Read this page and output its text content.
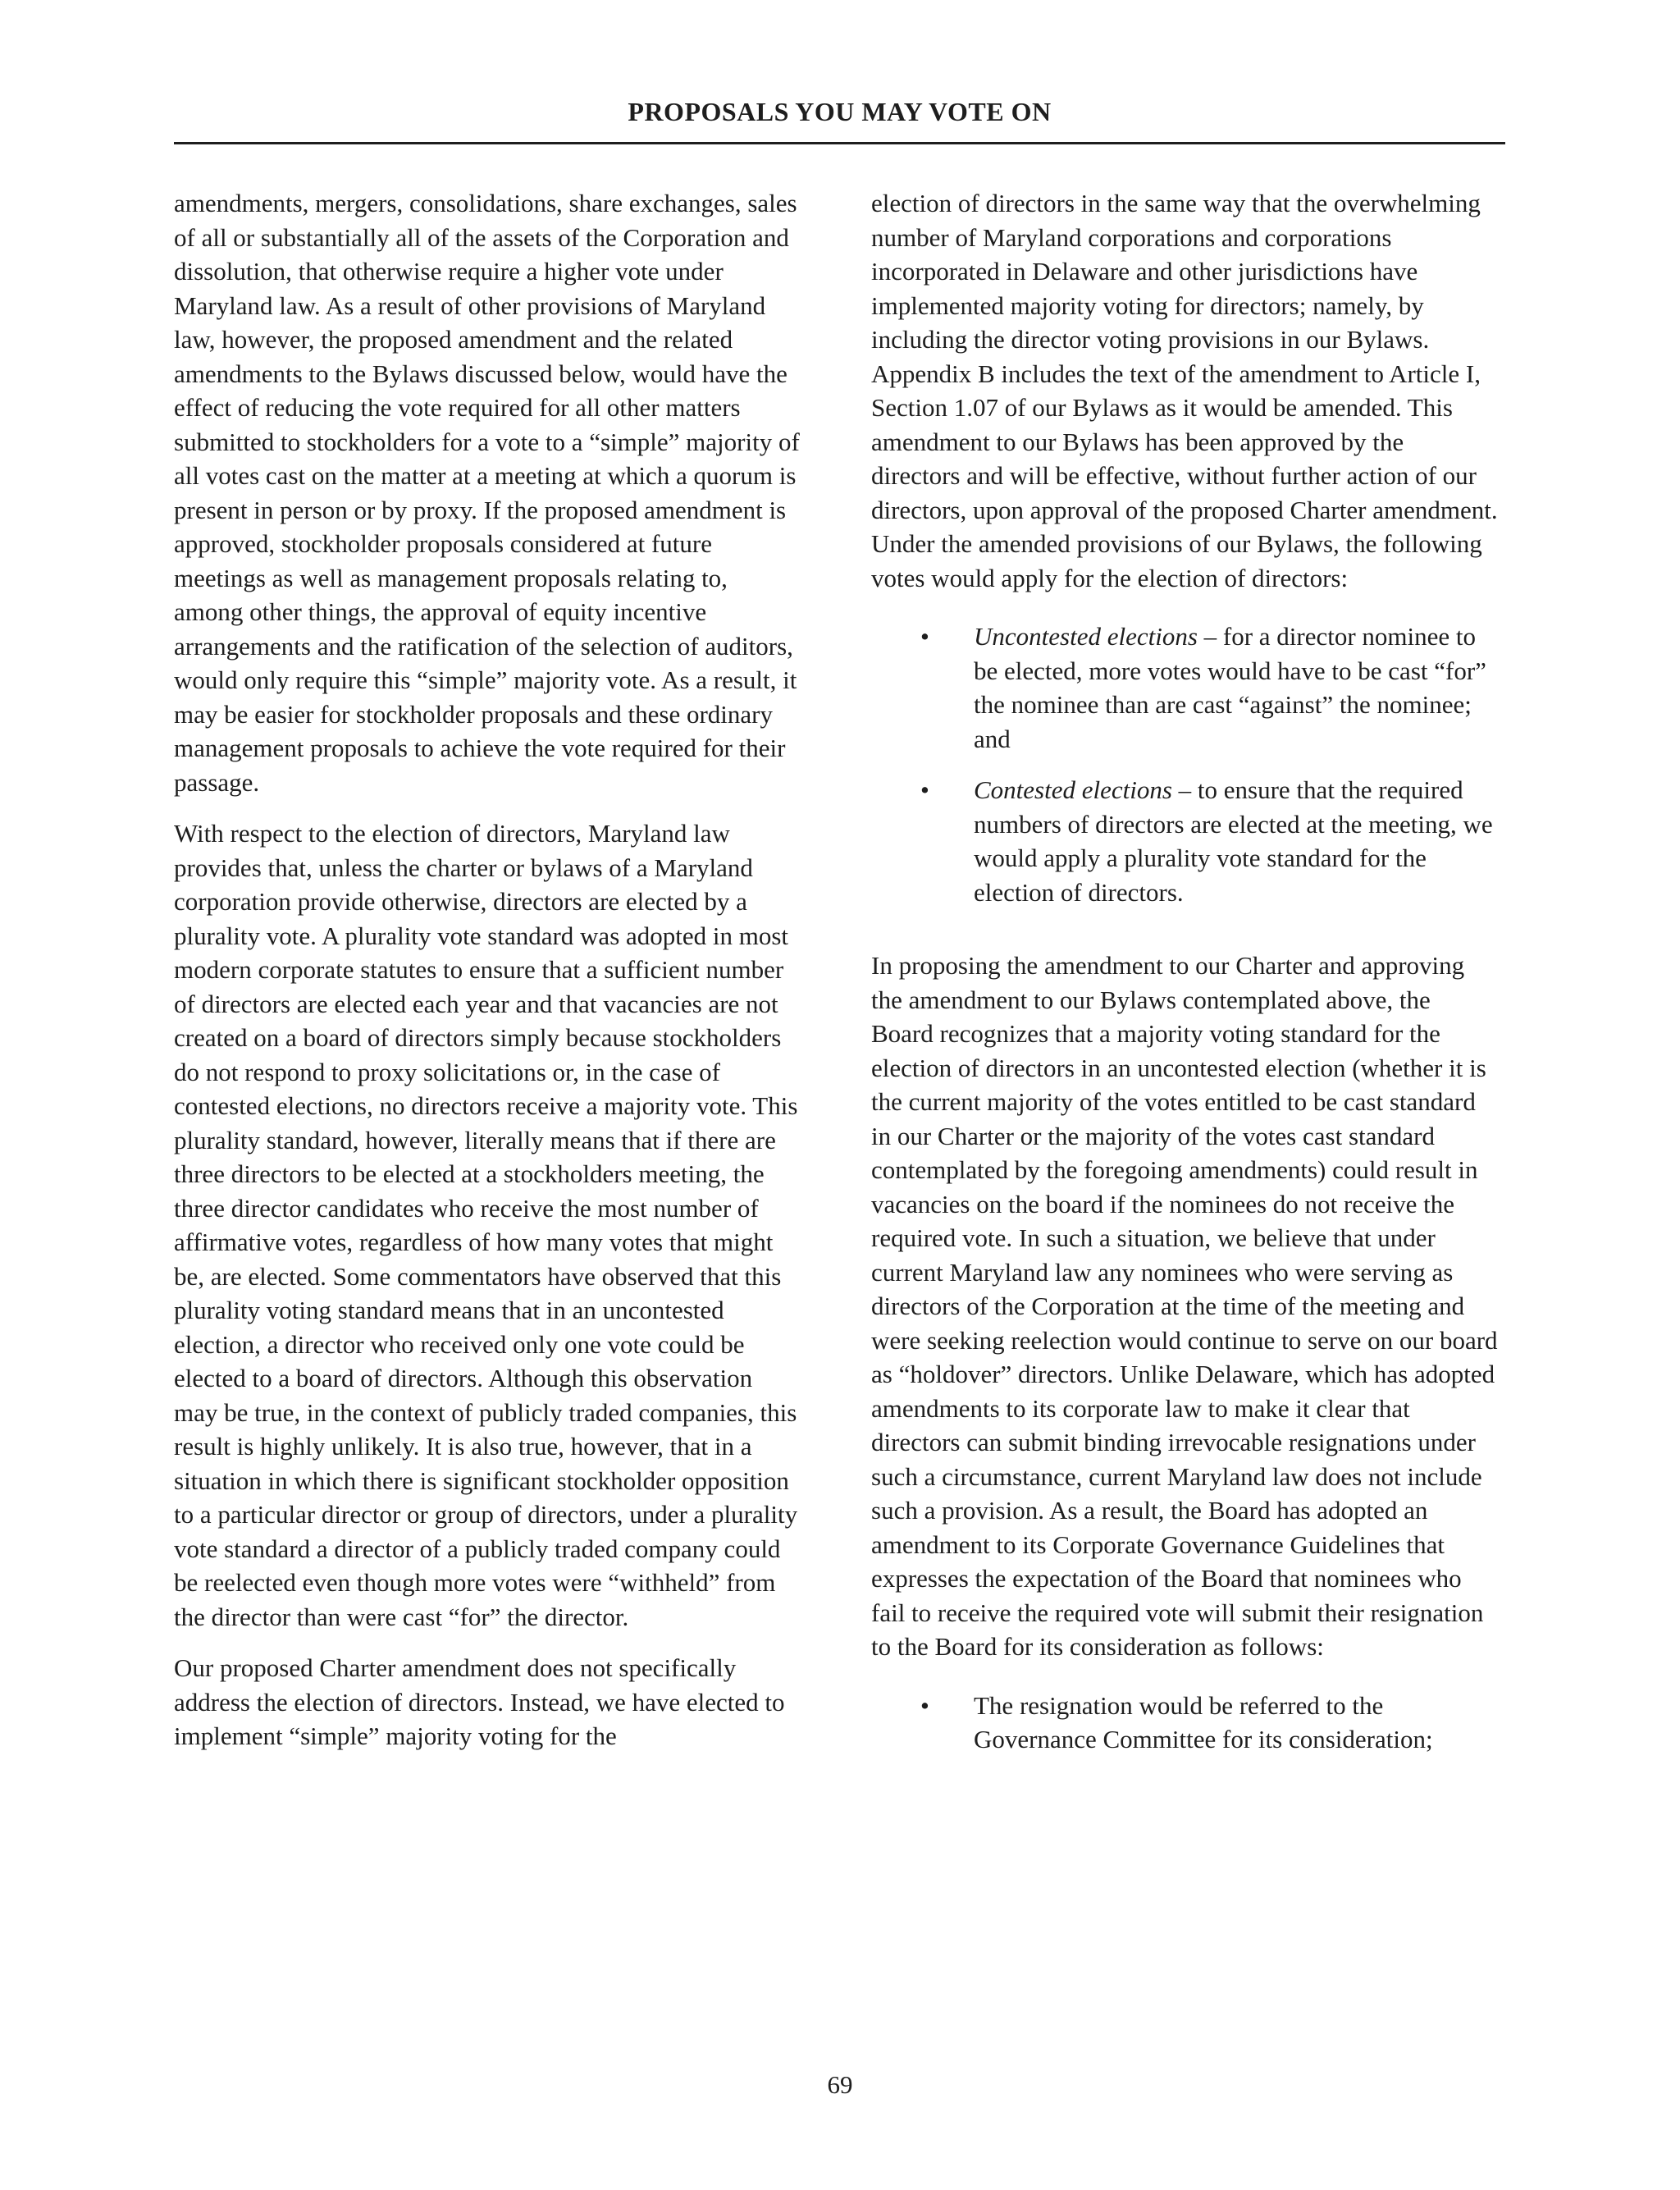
PROPOSALS YOU MAY VOTE ON

amendments, mergers, consolidations, share exchanges, sales of all or substantially all of the assets of the Corporation and dissolution, that otherwise require a higher vote under Maryland law. As a result of other provisions of Maryland law, however, the proposed amendment and the related amendments to the Bylaws discussed below, would have the effect of reducing the vote required for all other matters submitted to stockholders for a vote to a “simple” majority of all votes cast on the matter at a meeting at which a quorum is present in person or by proxy. If the proposed amendment is approved, stockholder proposals considered at future meetings as well as management proposals relating to, among other things, the approval of equity incentive arrangements and the ratification of the selection of auditors, would only require this “simple” majority vote. As a result, it may be easier for stockholder proposals and these ordinary management proposals to achieve the vote required for their passage.

With respect to the election of directors, Maryland law provides that, unless the charter or bylaws of a Maryland corporation provide otherwise, directors are elected by a plurality vote. A plurality vote standard was adopted in most modern corporate statutes to ensure that a sufficient number of directors are elected each year and that vacancies are not created on a board of directors simply because stockholders do not respond to proxy solicitations or, in the case of contested elections, no directors receive a majority vote. This plurality standard, however, literally means that if there are three directors to be elected at a stockholders meeting, the three director candidates who receive the most number of affirmative votes, regardless of how many votes that might be, are elected. Some commentators have observed that this plurality voting standard means that in an uncontested election, a director who received only one vote could be elected to a board of directors. Although this observation may be true, in the context of publicly traded companies, this result is highly unlikely. It is also true, however, that in a situation in which there is significant stockholder opposition to a particular director or group of directors, under a plurality vote standard a director of a publicly traded company could be reelected even though more votes were “withheld” from the director than were cast “for” the director.

Our proposed Charter amendment does not specifically address the election of directors. Instead, we have elected to implement “simple” majority voting for the

election of directors in the same way that the overwhelming number of Maryland corporations and corporations incorporated in Delaware and other jurisdictions have implemented majority voting for directors; namely, by including the director voting provisions in our Bylaws. Appendix B includes the text of the amendment to Article I, Section 1.07 of our Bylaws as it would be amended. This amendment to our Bylaws has been approved by the directors and will be effective, without further action of our directors, upon approval of the proposed Charter amendment. Under the amended provisions of our Bylaws, the following votes would apply for the election of directors:

• Uncontested elections – for a director nominee to be elected, more votes would have to be cast “for” the nominee than are cast “against” the nominee; and
• Contested elections – to ensure that the required numbers of directors are elected at the meeting, we would apply a plurality vote standard for the election of directors.

In proposing the amendment to our Charter and approving the amendment to our Bylaws contemplated above, the Board recognizes that a majority voting standard for the election of directors in an uncontested election (whether it is the current majority of the votes entitled to be cast standard in our Charter or the majority of the votes cast standard contemplated by the foregoing amendments) could result in vacancies on the board if the nominees do not receive the required vote. In such a situation, we believe that under current Maryland law any nominees who were serving as directors of the Corporation at the time of the meeting and were seeking reelection would continue to serve on our board as “holdover” directors. Unlike Delaware, which has adopted amendments to its corporate law to make it clear that directors can submit binding irrevocable resignations under such a circumstance, current Maryland law does not include such a provision. As a result, the Board has adopted an amendment to its Corporate Governance Guidelines that expresses the expectation of the Board that nominees who fail to receive the required vote will submit their resignation to the Board for its consideration as follows:

• The resignation would be referred to the Governance Committee for its consideration;
69
